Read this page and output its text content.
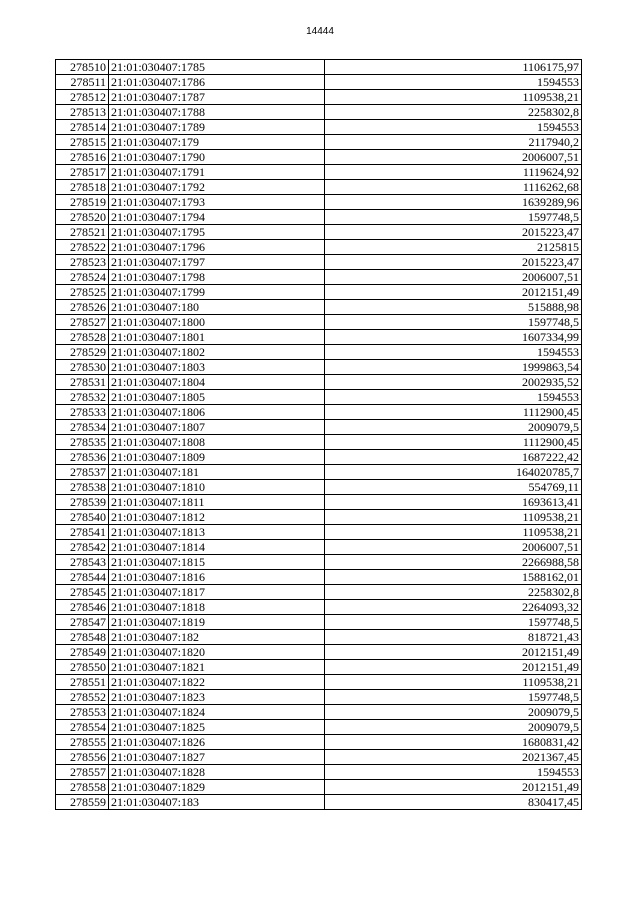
14444
278510	21:01:030407:1785	1106175,97
278511	21:01:030407:1786	1594553
278512	21:01:030407:1787	1109538,21
278513	21:01:030407:1788	2258302,8
278514	21:01:030407:1789	1594553
278515	21:01:030407:179	2117940,2
278516	21:01:030407:1790	2006007,51
278517	21:01:030407:1791	1119624,92
278518	21:01:030407:1792	1116262,68
278519	21:01:030407:1793	1639289,96
278520	21:01:030407:1794	1597748,5
278521	21:01:030407:1795	2015223,47
278522	21:01:030407:1796	2125815
278523	21:01:030407:1797	2015223,47
278524	21:01:030407:1798	2006007,51
278525	21:01:030407:1799	2012151,49
278526	21:01:030407:180	515888,98
278527	21:01:030407:1800	1597748,5
278528	21:01:030407:1801	1607334,99
278529	21:01:030407:1802	1594553
278530	21:01:030407:1803	1999863,54
278531	21:01:030407:1804	2002935,52
278532	21:01:030407:1805	1594553
278533	21:01:030407:1806	1112900,45
278534	21:01:030407:1807	2009079,5
278535	21:01:030407:1808	1112900,45
278536	21:01:030407:1809	1687222,42
278537	21:01:030407:181	164020785,7
278538	21:01:030407:1810	554769,11
278539	21:01:030407:1811	1693613,41
278540	21:01:030407:1812	1109538,21
278541	21:01:030407:1813	1109538,21
278542	21:01:030407:1814	2006007,51
278543	21:01:030407:1815	2266988,58
278544	21:01:030407:1816	1588162,01
278545	21:01:030407:1817	2258302,8
278546	21:01:030407:1818	2264093,32
278547	21:01:030407:1819	1597748,5
278548	21:01:030407:182	818721,43
278549	21:01:030407:1820	2012151,49
278550	21:01:030407:1821	2012151,49
278551	21:01:030407:1822	1109538,21
278552	21:01:030407:1823	1597748,5
278553	21:01:030407:1824	2009079,5
278554	21:01:030407:1825	2009079,5
278555	21:01:030407:1826	1680831,42
278556	21:01:030407:1827	2021367,45
278557	21:01:030407:1828	1594553
278558	21:01:030407:1829	2012151,49
278559	21:01:030407:183	830417,45
